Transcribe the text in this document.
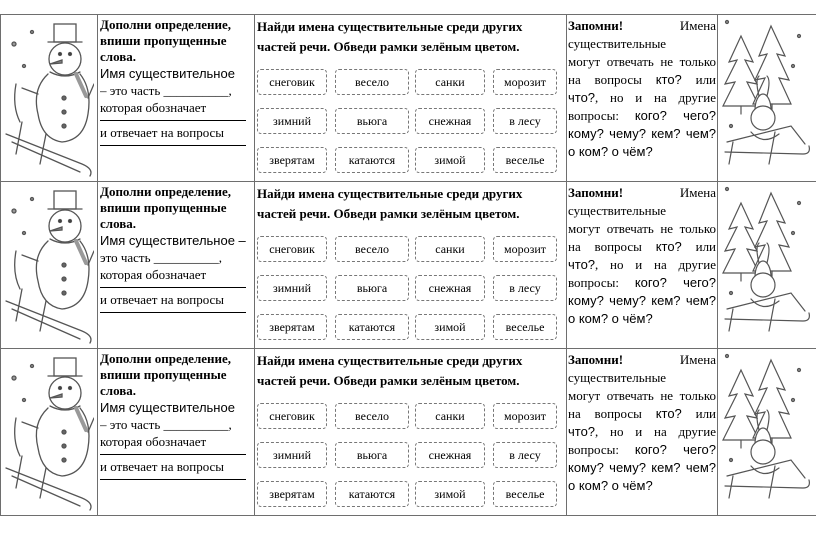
Дополни определение, впиши пропущенные слова.
Имя существительное
– это часть __________,
которая обозначает
и отвечает на вопросы
Найди имена существительные среди других частей речи. Обведи рамки зелёным цветом.
снеговик	весело	санки	морозит
зимний	вьюга	снежная	в лесу
зверятам	катаются	зимой	веселье
Запомни!	Имена

существительные
могут отвечать не только на вопросы кто? или что?, но и на другие вопросы: кого? чего? кому? чему? кем? чем? о ком? о чём?
Дополни определение, впиши пропущенные слова.
Имя существительное –
это часть __________,
которая обозначает
и отвечает на вопросы
Найди имена существительные среди других частей речи. Обведи рамки зелёным цветом.
снеговик	весело	санки	морозит
зимний	вьюга	снежная	в лесу
зверятам	катаются	зимой	веселье
Запомни!	Имена

существительные
могут отвечать не только на вопросы кто? или что?, но и на другие вопросы: кого? чего? кому? чему? кем? чем? о ком? о чём?
Дополни определение, впиши пропущенные слова.
Имя существительное
– это часть __________,
которая обозначает
и отвечает на вопросы
Найди имена существительные среди других частей речи. Обведи рамки зелёным цветом.
снеговик	весело	санки	морозит
зимний	вьюга	снежная	в лесу
зверятам	катаются	зимой	веселье
Запомни!	Имена

существительные
могут отвечать не только на вопросы кто? или что?, но и на другие вопросы: кого? чего? кому? чему? кем? чем? о ком? о чём?
